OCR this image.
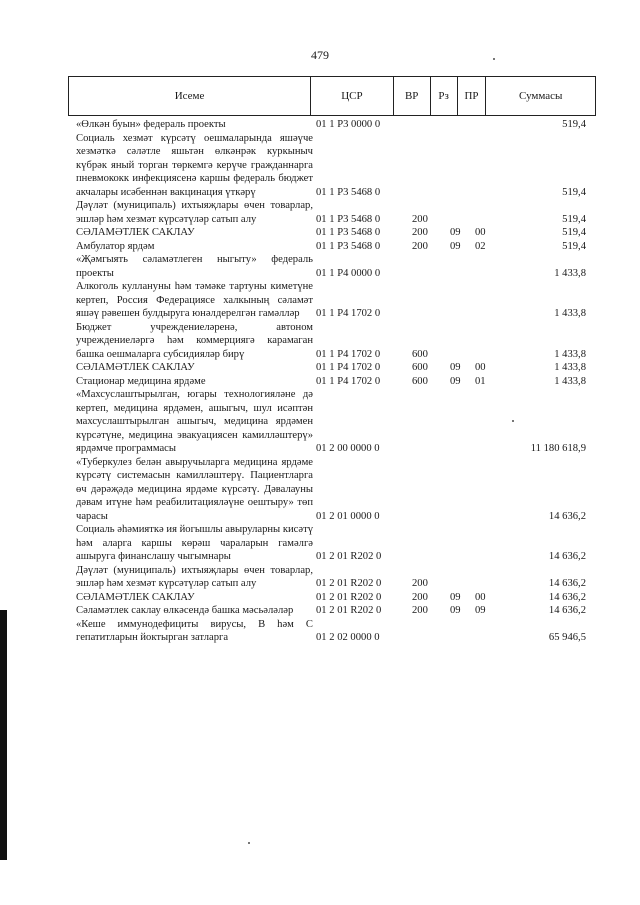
479
Исеме	ЦСР	ВР	Рз	ПР	Суммасы
«Өлкән буын» федераль проекты	01 1 P3 0000 0	519,4
Социаль хезмәт күрсәтү оешмаларында яшәүче хезмәткә сәләтле яшьтән өлкәнрәк куркыныч күбрәк яный торган төркемгә керүче гражданнарга пневмококк инфекциясенә каршы федераль бюджет акчалары исәбеннән вакцинация үткәрү	01 1 P3 5468 0	519,4
Дәүләт (муниципаль) ихтыяҗлары өчен товарлар, эшләр һәм хезмәт күрсәтүләр сатып алу	01 1 P3 5468 0	200	519,4
СӘЛАМӘТЛЕК САКЛАУ	01 1 P3 5468 0	200 09 00	519,4
Амбулатор ярдәм	01 1 P3 5468 0	200 09 02	519,4
«Җәмгыять сәламәтлеген ныгыту» федераль проекты	01 1 P4 0000 0	1 433,8
Алкоголь куллануны һәм тәмәке тартуны киметүне кертеп, Россия Федерациясе халкының сәламәт яшәү рәвешен булдыруга юнәлдерелгән гамәлләр	01 1 P4 1702 0	1 433,8
Бюджет учреждениеләренә, автоном учреждениеләргә һәм коммерциягә карамаган башка оешмаларга субсидияләр бирү	01 1 P4 1702 0	600	1 433,8
СӘЛАМӘТЛЕК САКЛАУ	01 1 P4 1702 0	600 09 00	1 433,8
Стационар медицина ярдәме	01 1 P4 1702 0	600 09 01	1 433,8
«Махсуслаштырылган, югары технологияләне дә кертеп, медицина ярдәмен, ашыгыч, шул исәптән махсуслаштырылган ашыгыч, медицина ярдәмен күрсәтүне, медицина эвакуациясен камилләштерү» ярдәмче программасы	01 2 00 0000 0	11 180 618,9
«Туберкулез белән авыручыларга медицина ярдәме күрсәтү системасын камилләштерү. Пациентларга өч дәрәҗәдә медицина ярдәме күрсәтү. Дәвалауны дәвам итүне һәм реабилитацияләүне оештыру» төп чарасы	01 2 01 0000 0	14 636,2
Социаль әһәмияткә ия йогышлы авыруларны кисәтү һәм аларга каршы көрәш чараларын гамәлгә ашыруга финанслашу чыгымнары	01 2 01 R202 0	14 636,2
Дәүләт (муниципаль) ихтыяҗлары өчен товарлар, эшләр һәм хезмәт күрсәтүләр сатып алу	01 2 01 R202 0	200	14 636,2
СӘЛАМӘТЛЕК САКЛАУ	01 2 01 R202 0	200 09 00	14 636,2
Сәламәтлек саклау өлкәсендә башка мәсьәләләр	01 2 01 R202 0	200 09 09	14 636,2
«Кеше иммунодефициты вирусы, B һәм C гепатитларын йоктырган затларга	01 2 02 0000 0	65 946,5
